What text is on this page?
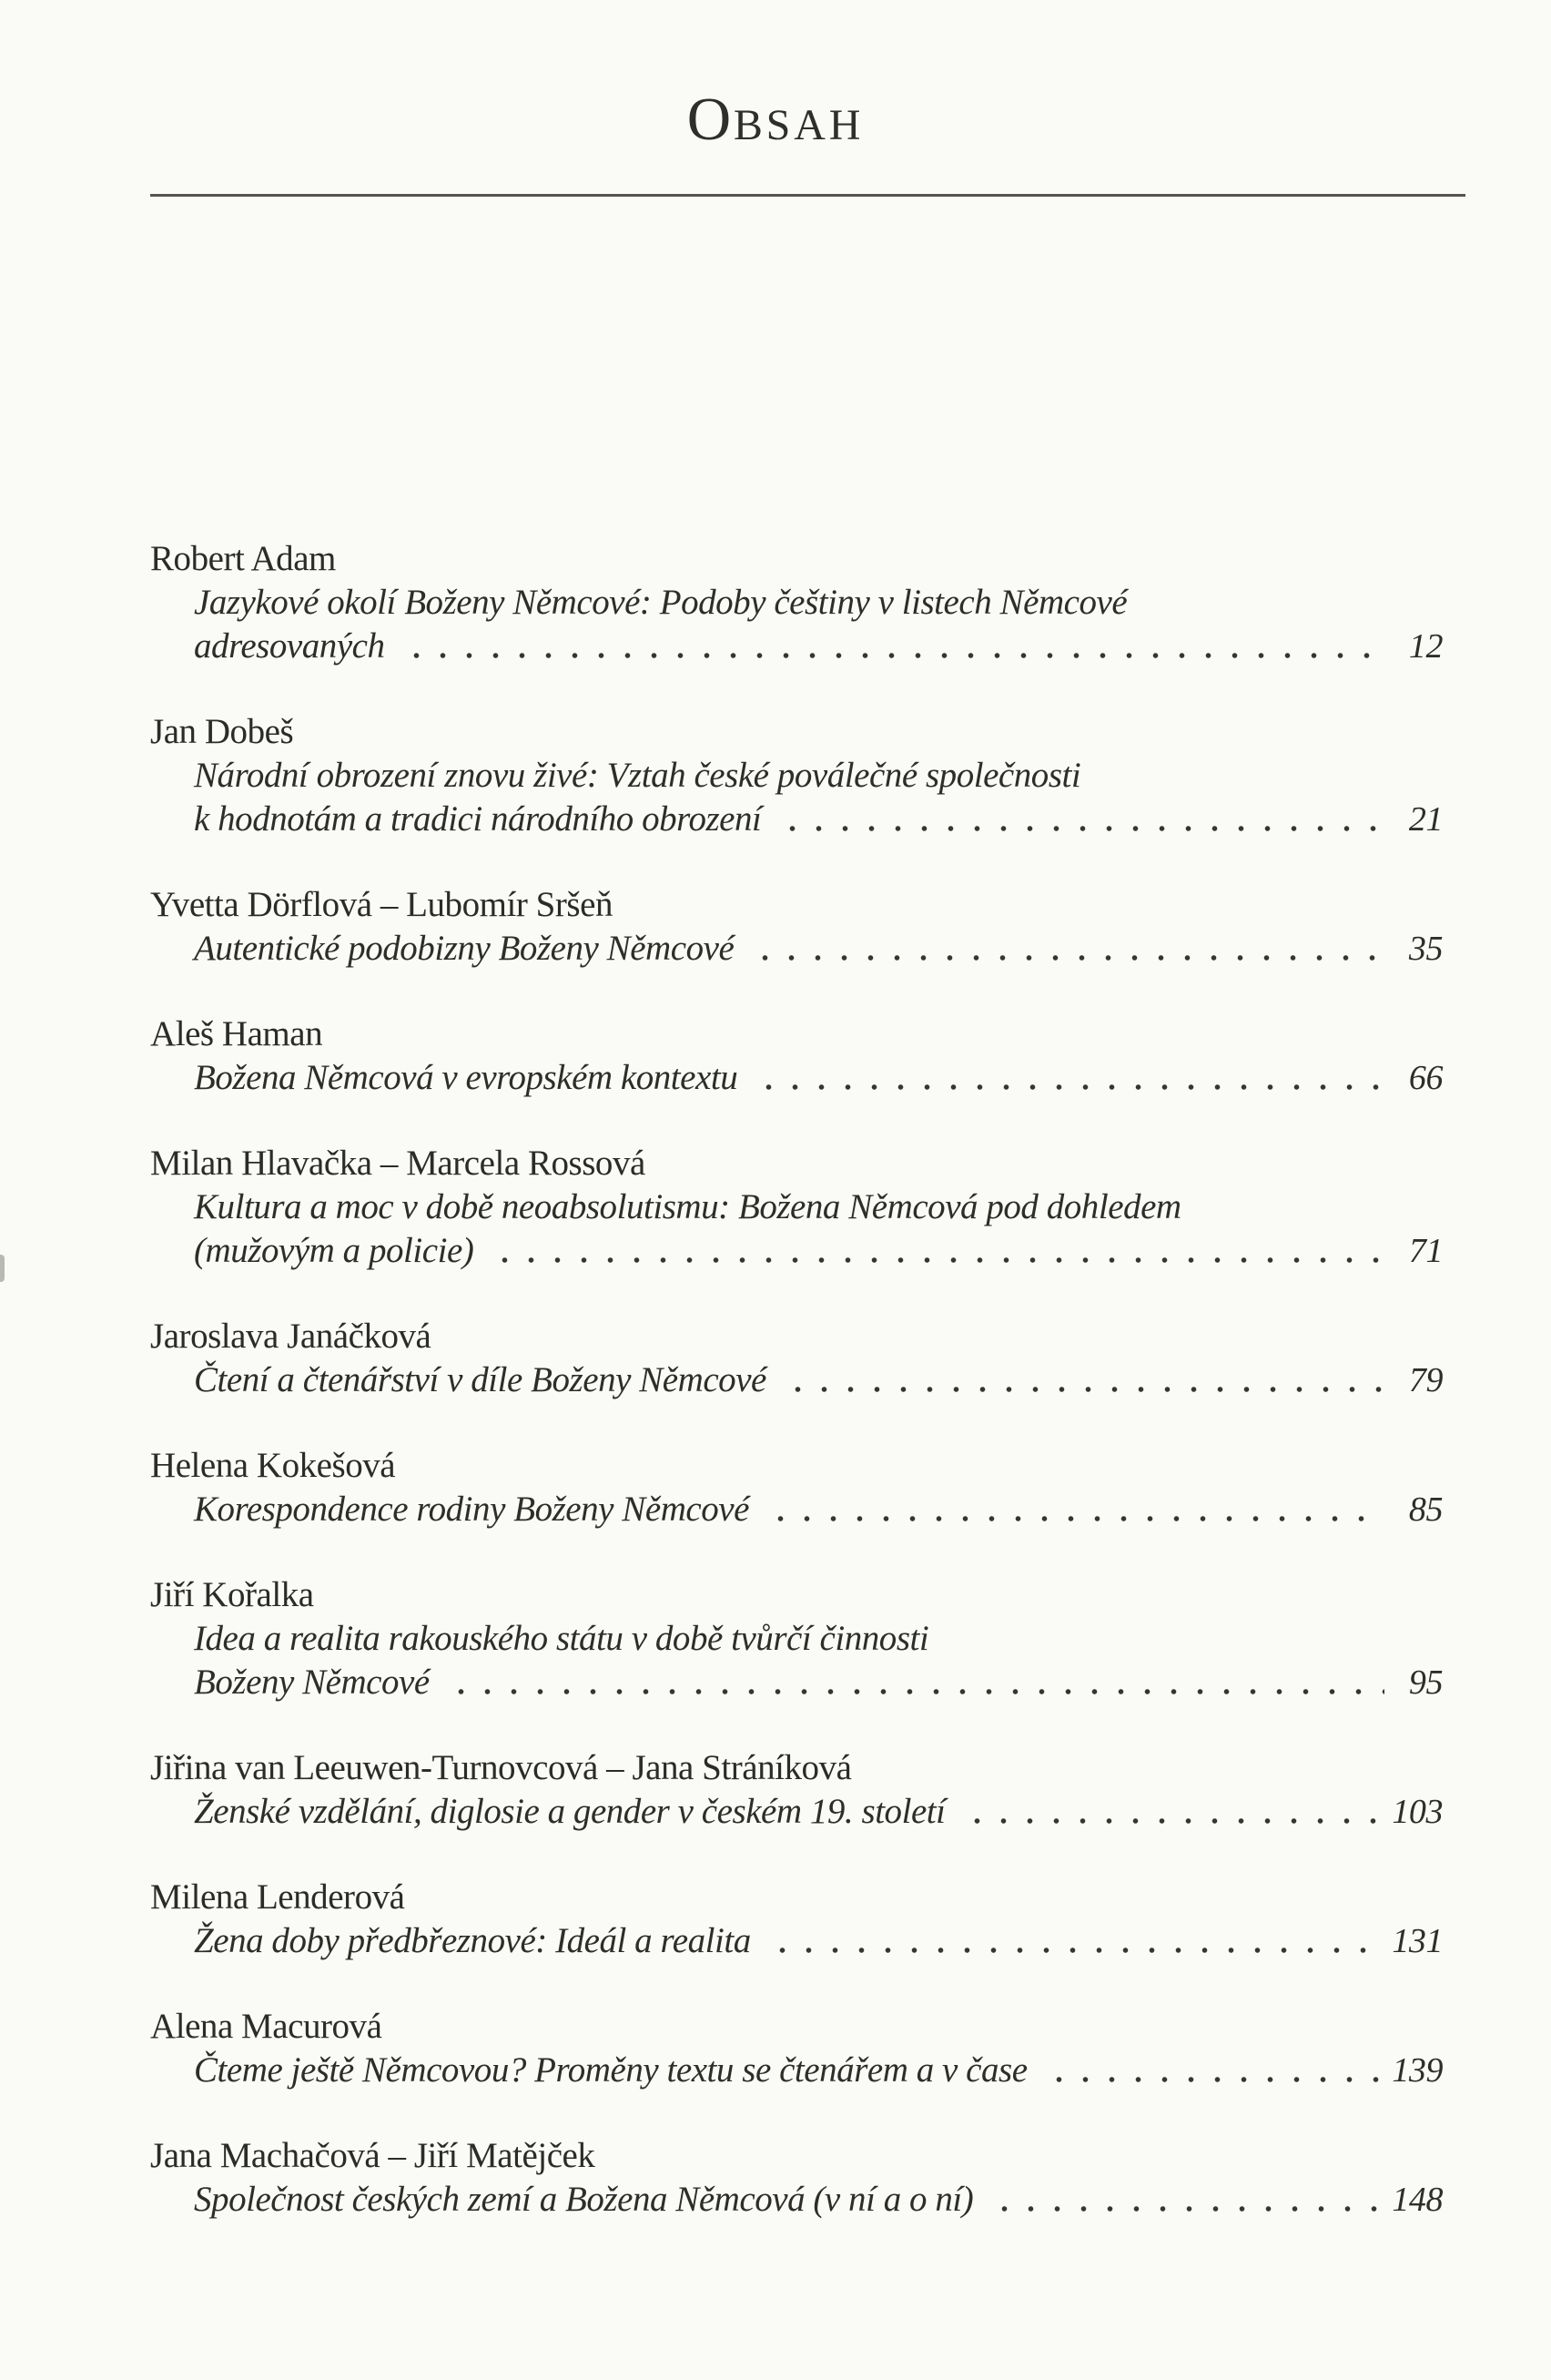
OBSAH
Robert Adam
Jazykové okolí Boženy Němcové: Podoby češtiny v listech Němcové
adresovaných	12
Jan Dobeš
Národní obrození znovu živé: Vztah české poválečné společnosti
k hodnotám a tradici národního obrození	21
Yvetta Dörflová – Lubomír Sršeň
Autentické podobizny Boženy Němcové	35
Aleš Haman
Božena Němcová v evropském kontextu	66
Milan Hlavačka – Marcela Rossová
Kultura a moc v době neoabsolutismu: Božena Němcová pod dohledem
(mužovým a policie)	71
Jaroslava Janáčková
Čtení a čtenářství v díle Boženy Němcové	79
Helena Kokešová
Korespondence rodiny Boženy Němcové	85
Jiří Kořalka
Idea a realita rakouského státu v době tvůrčí činnosti
Boženy Němcové	95
Jiřina van Leeuwen-Turnovcová – Jana Stráníková
Ženské vzdělání, diglosie a gender v českém 19. století	103
Milena Lenderová
Žena doby předbřeznové: Ideál a realita	131
Alena Macurová
Čteme ještě Němcovou? Proměny textu se čtenářem a v čase	139
Jana Machačová – Jiří Matějček
Společnost českých zemí a Božena Němcová (v ní a o ní)	148
